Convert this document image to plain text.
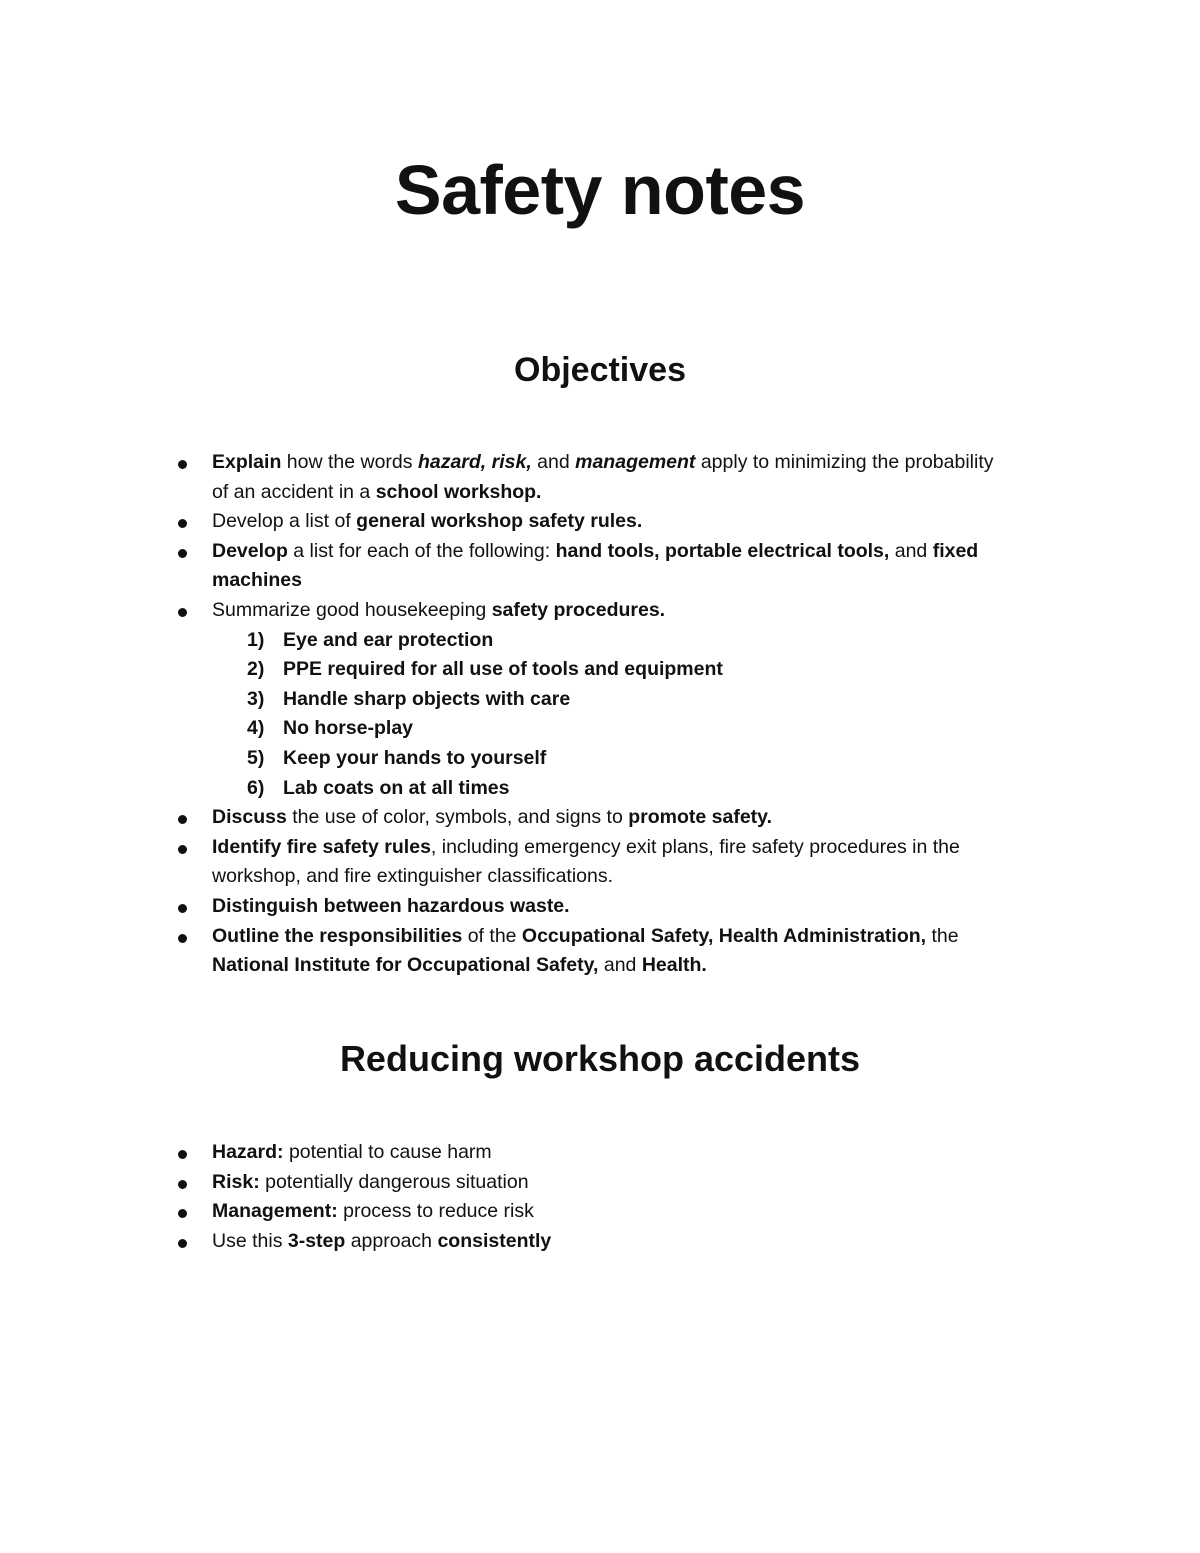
Safety notes
Objectives
Explain how the words hazard, risk, and management apply to minimizing the probability
of an accident in a school workshop.
Develop a list of general workshop safety rules.
Develop a list for each of the following: hand tools, portable electrical tools, and fixed
machines
Summarize good housekeeping safety procedures.
1) Eye and ear protection
2) PPE required for all use of tools and equipment
3) Handle sharp objects with care
4) No horse-play
5) Keep your hands to yourself
6) Lab coats on at all times
Discuss the use of color, symbols, and signs to promote safety.
Identify fire safety rules, including emergency exit plans, fire safety procedures in the
workshop, and fire extinguisher classifications.
Distinguish between hazardous waste.
Outline the responsibilities of the Occupational Safety, Health Administration, the
National Institute for Occupational Safety, and Health.
Reducing workshop accidents
Hazard: potential to cause harm
Risk: potentially dangerous situation
Management: process to reduce risk
Use this 3-step approach consistently
